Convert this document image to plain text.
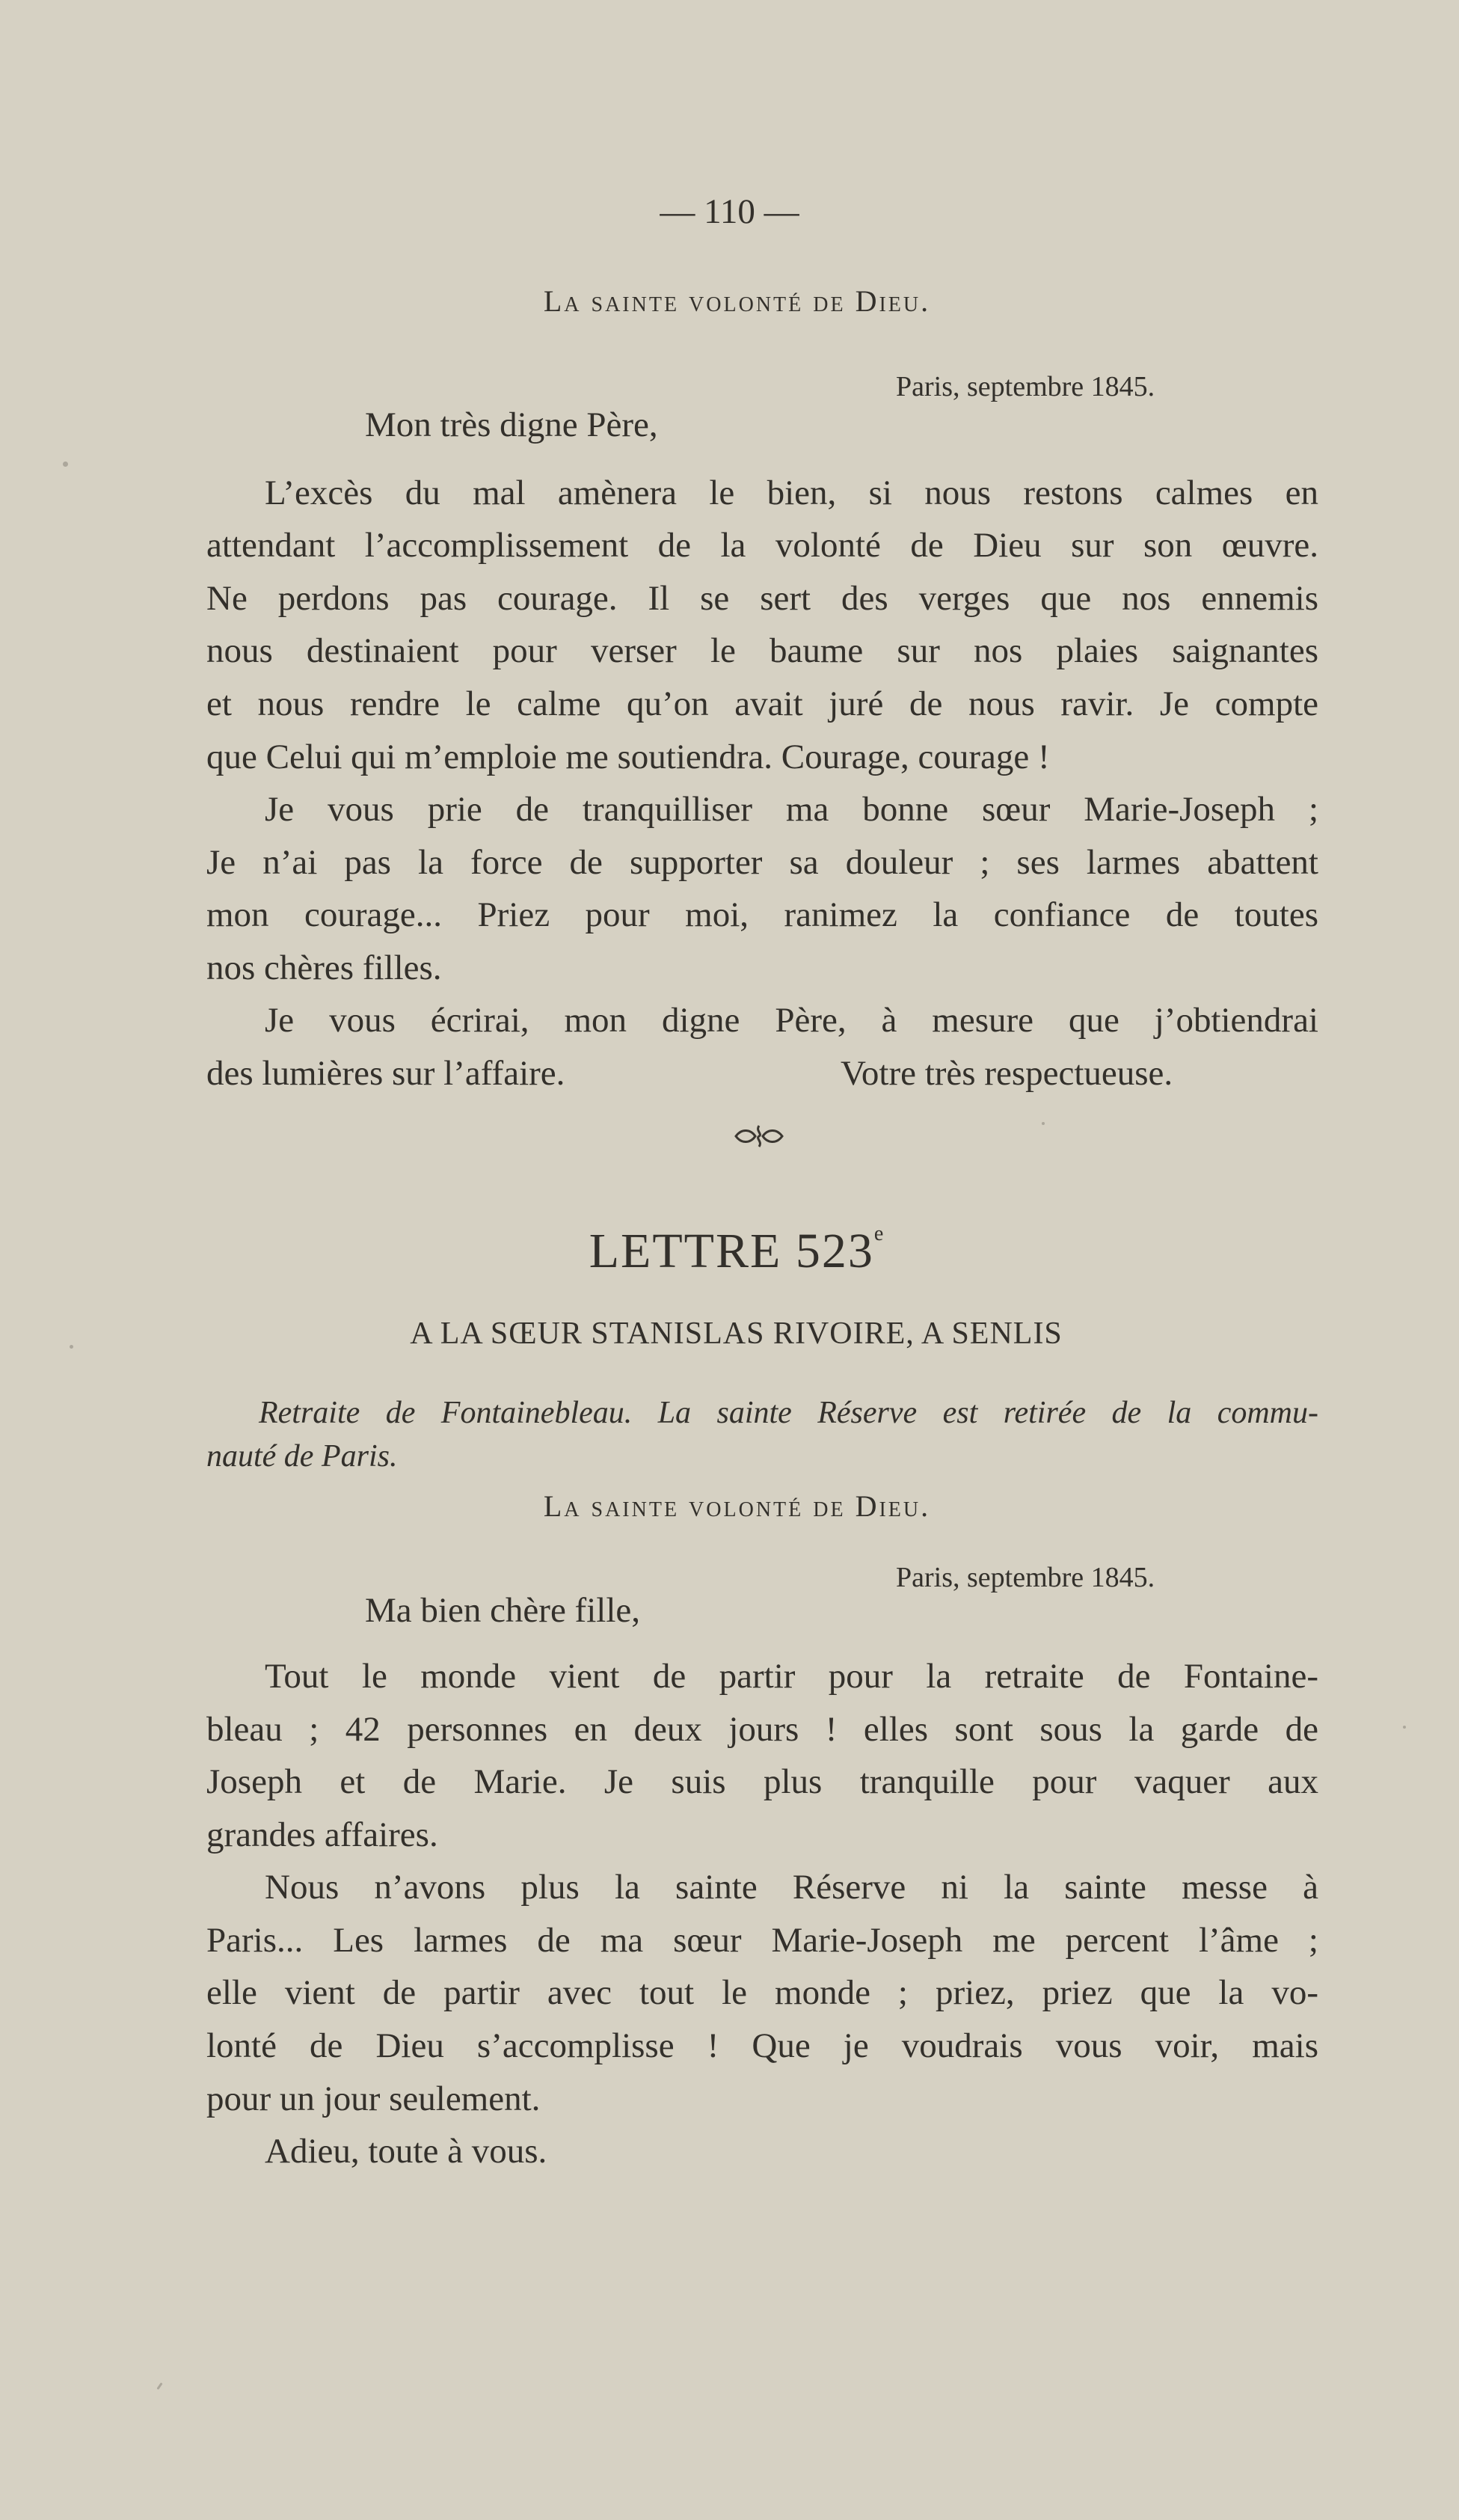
— 110 —
La sainte volonté de Dieu.
Paris, septembre 1845.
Mon très digne Père,
L’excès du mal amènera le bien, si nous restons calmes en
attendant l’accomplissement de la volonté de Dieu sur son œuvre.
Ne perdons pas courage. Il se sert des verges que nos ennemis
nous destinaient pour verser le baume sur nos plaies saignantes
et nous rendre le calme qu’on avait juré de nous ravir. Je compte
que Celui qui m’emploie me soutiendra. Courage, courage !
Je vous prie de tranquilliser ma bonne sœur Marie-Joseph ;
Je n’ai pas la force de supporter sa douleur ; ses larmes abattent
mon courage... Priez pour moi, ranimez la confiance de toutes
nos chères filles.
Je vous écrirai, mon digne Père, à mesure que j’obtiendrai
des lumières sur l’affaire.	Votre très respectueuse.
LETTRE 523e
A LA SŒUR STANISLAS RIVOIRE, A SENLIS
Retraite de Fontainebleau. La sainte Réserve est retirée de la commu-
nauté de Paris.
La sainte volonté de Dieu.
Paris, septembre 1845.
Ma bien chère fille,
Tout le monde vient de partir pour la retraite de Fontaine-
bleau ; 42 personnes en deux jours ! elles sont sous la garde de
Joseph et de Marie. Je suis plus tranquille pour vaquer aux
grandes affaires.
Nous n’avons plus la sainte Réserve ni la sainte messe à
Paris... Les larmes de ma sœur Marie-Joseph me percent l’âme ;
elle vient de partir avec tout le monde ; priez, priez que la vo-
lonté de Dieu s’accomplisse ! Que je voudrais vous voir, mais
pour un jour seulement.
Adieu, toute à vous.
